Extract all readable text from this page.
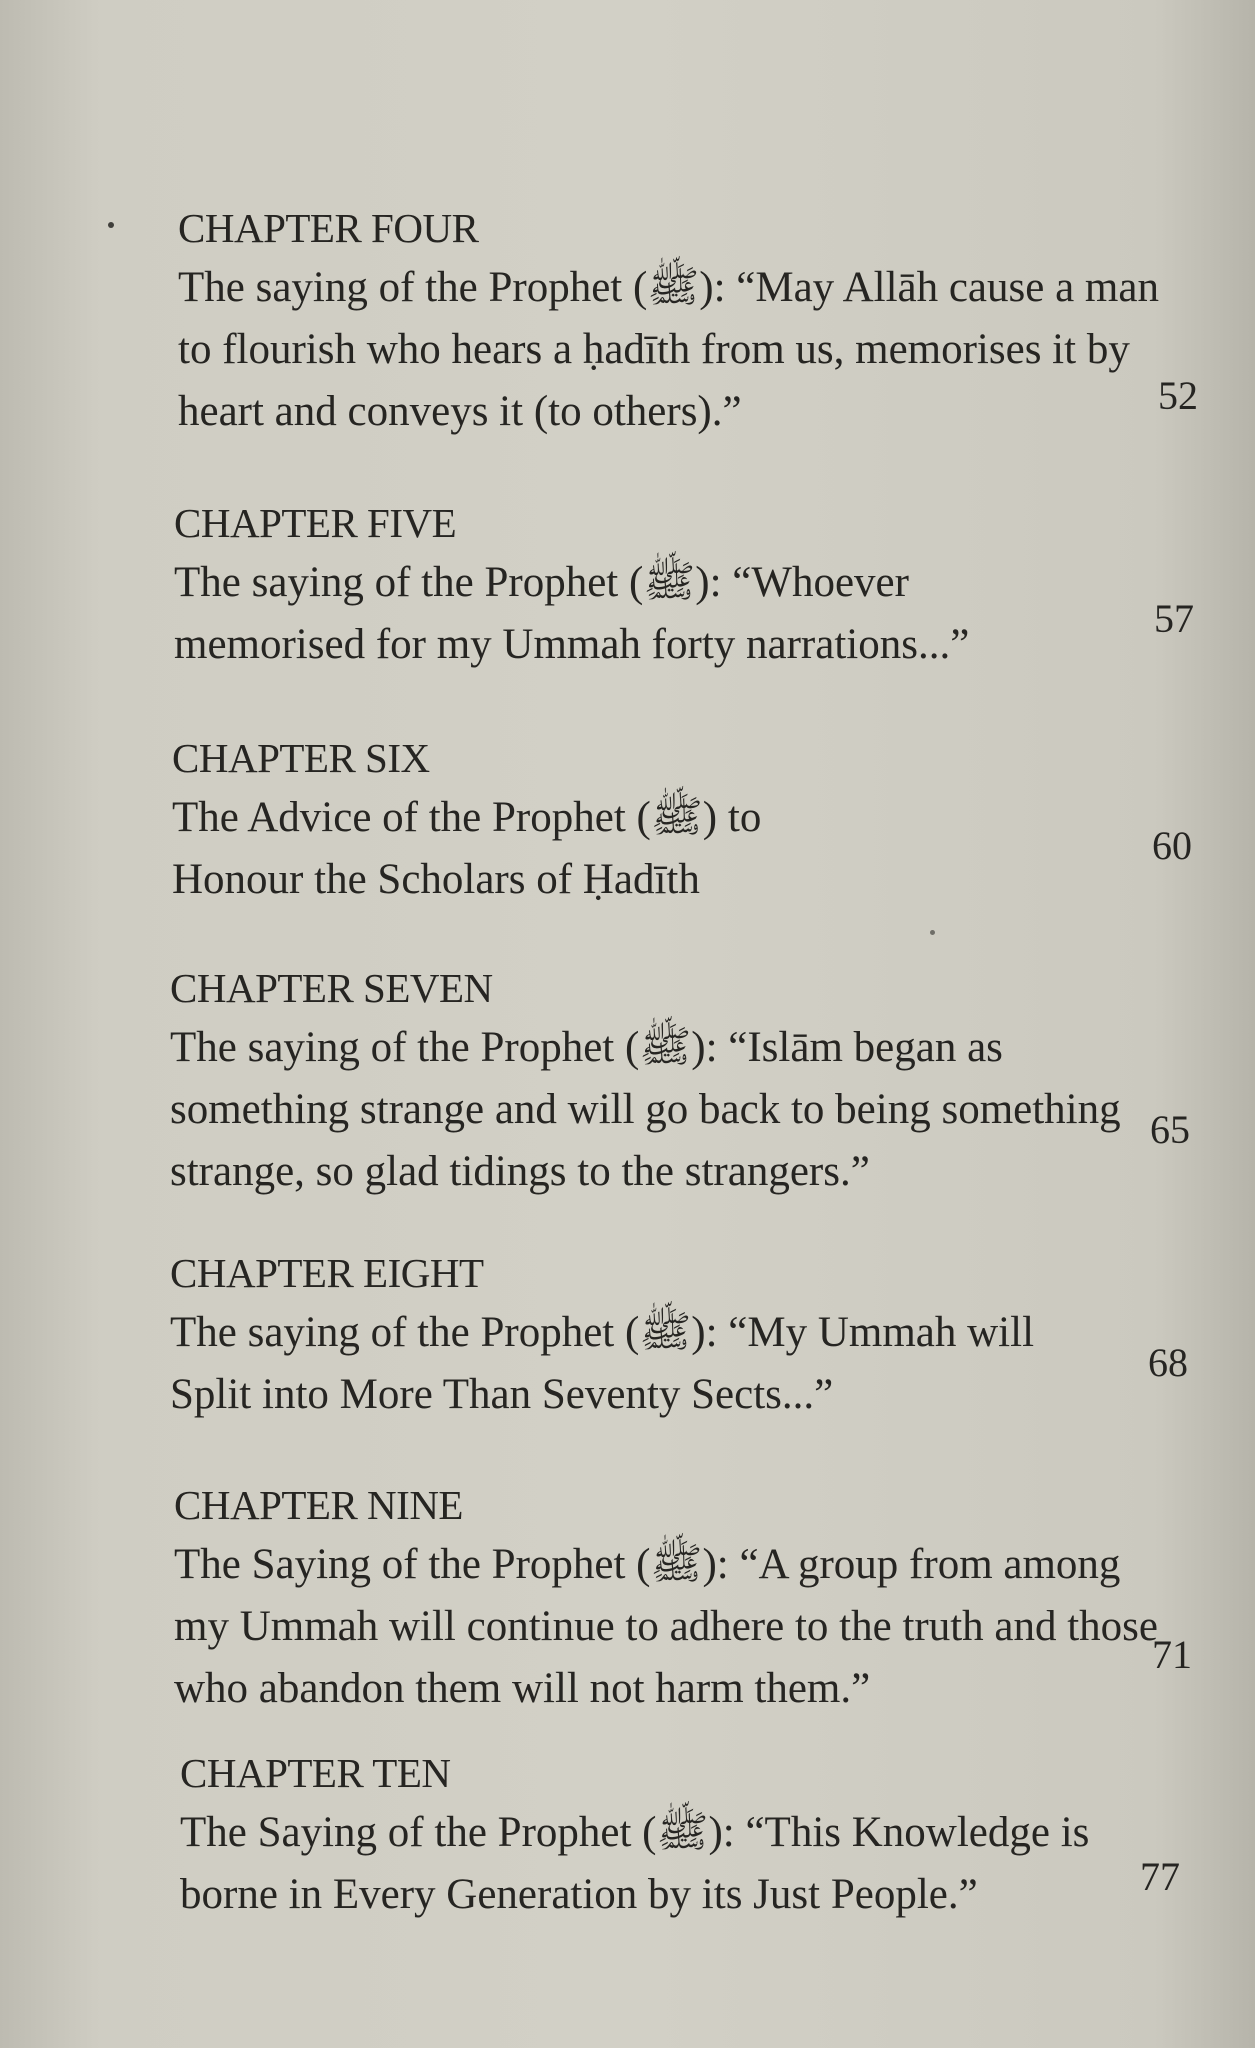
CHAPTER FOUR
The saying of the Prophet (ﷺ): “May Allāh cause a man to flourish who hears a ḥadīth from us, memorises it by heart and conveys it (to others).”	52
CHAPTER FIVE
The saying of the Prophet (ﷺ): “Whoever memorised for my Ummah forty narrations...”
57
CHAPTER SIX
The Advice of the Prophet (ﷺ) to Honour the Scholars of Ḥadīth
60
CHAPTER SEVEN
The saying of the Prophet (ﷺ): “Islām began as something strange and will go back to being something strange, so glad tidings to the strangers.”
65
CHAPTER EIGHT
The saying of the Prophet (ﷺ): “My Ummah will Split into More Than Seventy Sects...”
68
CHAPTER NINE
The Saying of the Prophet (ﷺ): “A group from among my Ummah will continue to adhere to the truth and those who abandon them will not harm them.”
71
CHAPTER TEN
The Saying of the Prophet (ﷺ): “This Knowledge is borne in Every Generation by its Just People.”	77
